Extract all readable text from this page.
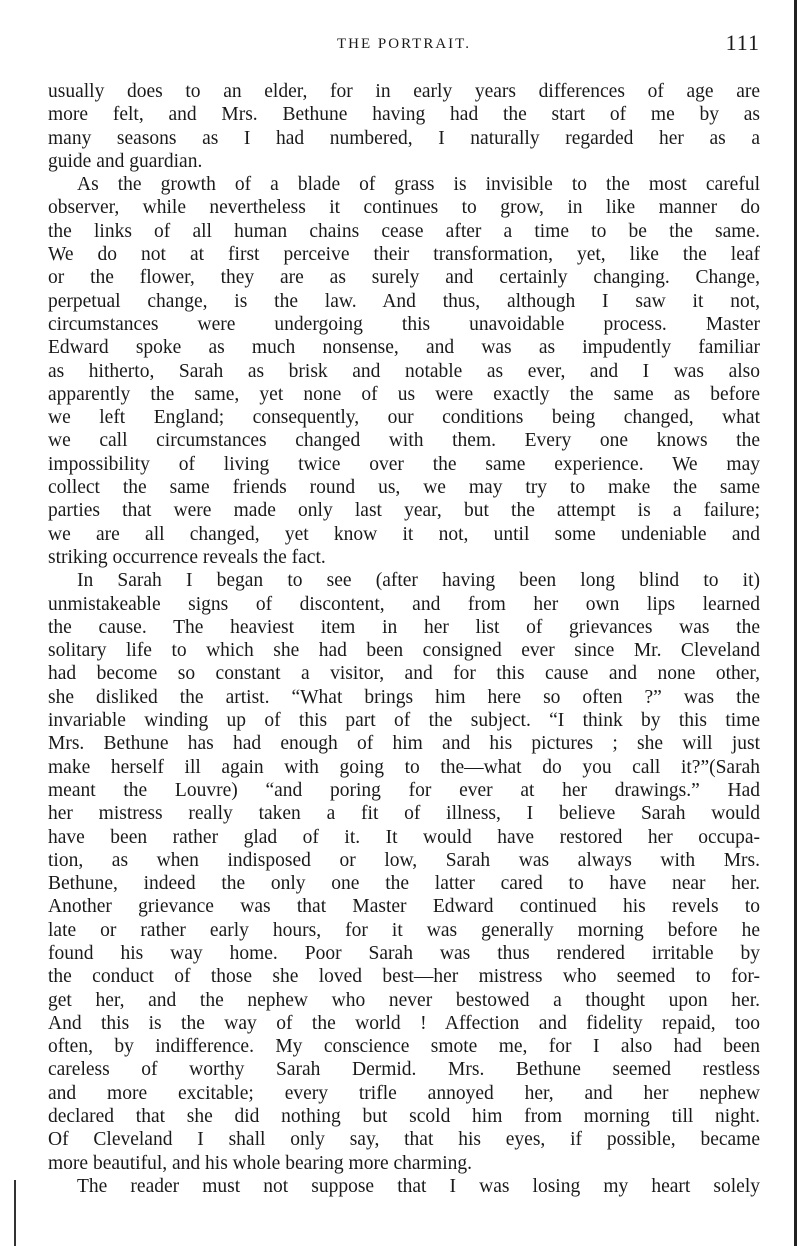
THE PORTRAIT.	111
usually does to an elder, for in early years differences of age are
more felt, and Mrs. Bethune having had the start of me by as
many seasons as I had numbered, I naturally regarded her as a
guide and guardian.
As the growth of a blade of grass is invisible to the most careful
observer, while nevertheless it continues to grow, in like manner do
the links of all human chains cease after a time to be the same.
We do not at first perceive their transformation, yet, like the leaf
or the flower, they are as surely and certainly changing. Change,
perpetual change, is the law. And thus, although I saw it not,
circumstances were undergoing this unavoidable process. Master
Edward spoke as much nonsense, and was as impudently familiar
as hitherto, Sarah as brisk and notable as ever, and I was also
apparently the same, yet none of us were exactly the same as before
we left England; consequently, our conditions being changed, what
we call circumstances changed with them. Every one knows the
impossibility of living twice over the same experience. We may
collect the same friends round us, we may try to make the same
parties that were made only last year, but the attempt is a failure;
we are all changed, yet know it not, until some undeniable and
striking occurrence reveals the fact.
In Sarah I began to see (after having been long blind to it)
unmistakeable signs of discontent, and from her own lips learned
the cause. The heaviest item in her list of grievances was the
solitary life to which she had been consigned ever since Mr. Cleveland
had become so constant a visitor, and for this cause and none other,
she disliked the artist. “What brings him here so often ?” was the
invariable winding up of this part of the subject. “I think by this time
Mrs. Bethune has had enough of him and his pictures ; she will just
make herself ill again with going to the—what do you call it?”(Sarah
meant the Louvre) “and poring for ever at her drawings.” Had
her mistress really taken a fit of illness, I believe Sarah would
have been rather glad of it. It would have restored her occupa-
tion, as when indisposed or low, Sarah was always with Mrs.
Bethune, indeed the only one the latter cared to have near her.
Another grievance was that Master Edward continued his revels to
late or rather early hours, for it was generally morning before he
found his way home. Poor Sarah was thus rendered irritable by
the conduct of those she loved best—her mistress who seemed to for-
get her, and the nephew who never bestowed a thought upon her.
And this is the way of the world ! Affection and fidelity repaid, too
often, by indifference. My conscience smote me, for I also had been
careless of worthy Sarah Dermid. Mrs. Bethune seemed restless
and more excitable; every trifle annoyed her, and her nephew
declared that she did nothing but scold him from morning till night.
Of Cleveland I shall only say, that his eyes, if possible, became
more beautiful, and his whole bearing more charming.
The reader must not suppose that I was losing my heart solely
